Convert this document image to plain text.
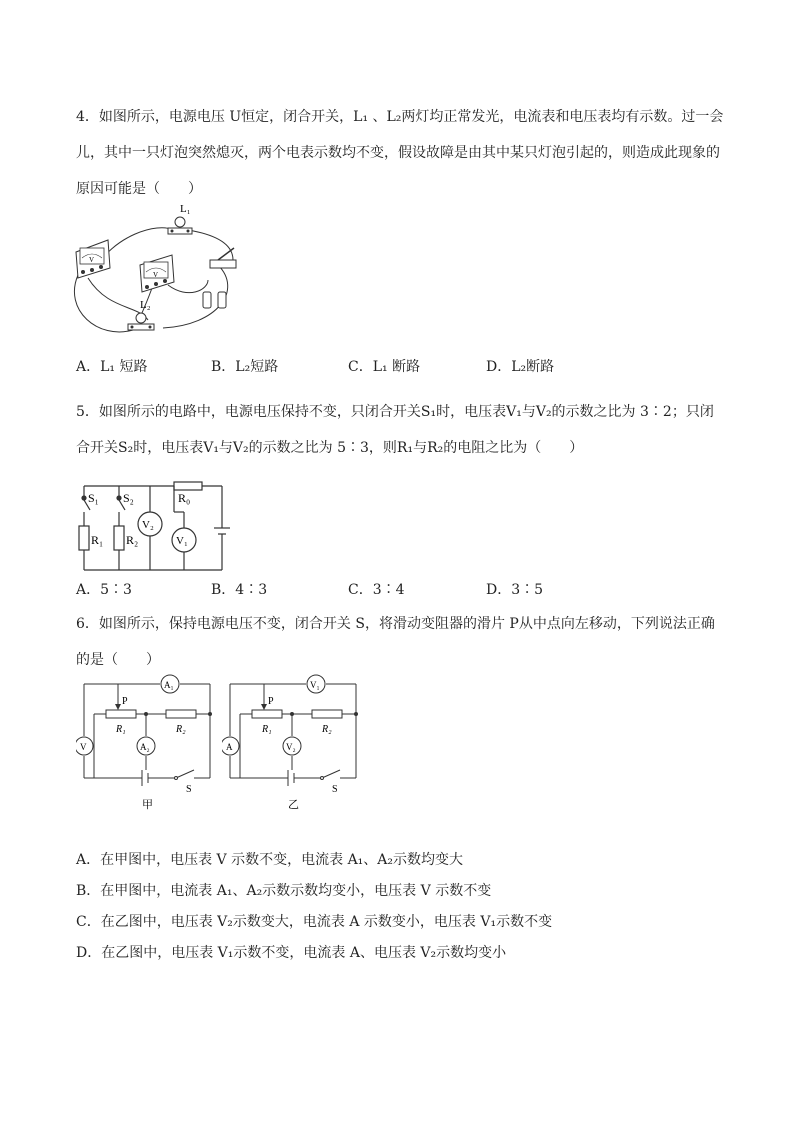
4．如图所示，电源电压 U恒定，闭合开关，L₁ 、L₂两灯均正常发光，电流表和电压表均有示数。过一会儿，其中一只灯泡突然熄灭，两个电表示数均不变，假设故障是由其中某只灯泡引起的，则造成此现象的原因可能是（　　）
V
V
L₁
L₂
A．L₁ 短路	B．L₂短路	C．L₁ 断路	D．L₂断路
5．如图所示的电路中，电源电压保持不变，只闭合开关S₁时，电压表V₁与V₂的示数之比为 3∶2；只闭合开关S₂时，电压表V₁与V₂的示数之比为 5∶3，则R₁与R₂的电阻之比为（　　）
S₁ S₂	R₀
R₁ R₂
V₂
V₁
A．5∶3	B．4∶3	C．3∶4	D．3∶5
6．如图所示，保持电源电压不变，闭合开关 S，将滑动变阻器的滑片 P从中点向左移动，下列说法正确的是（　　）
A₁
V	A₂
P
R₁	R₂
S
甲
V₁
A	V₂
P
R₁	R₂
S
乙
A．在甲图中，电压表 V 示数不变，电流表 A₁、A₂示数均变大
B．在甲图中，电流表 A₁、A₂示数示数均变小，电压表 V 示数不变
C．在乙图中，电压表 V₂示数变大，电流表 A 示数变小，电压表 V₁示数不变
D．在乙图中，电压表 V₁示数不变，电流表 A、电压表 V₂示数均变小
